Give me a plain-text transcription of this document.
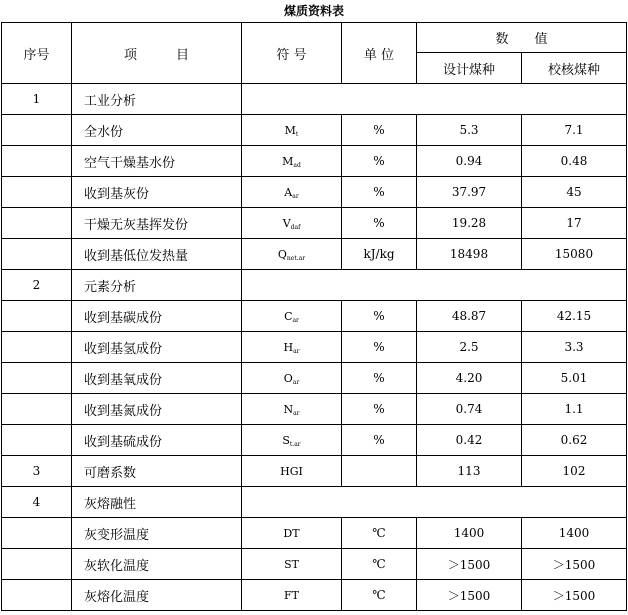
煤质资料表
序号	项　　　目	符 号	单 位	数　　值	
				设计煤种	校核煤种
1	工业分析				
	全水份	$M_t$	%	5.3	7.1
	空气干燥基水份	$M_{ad}$	%	0.94	0.48
	收到基灰份	$A_{ar}$	%	37.97	45
	干燥无灰基挥发份	$V_{daf}$	%	19.28	17
	收到基低位发热量	$Q_{net.ar}$	kJ/kg	18498	15080
2	元素分析				
	收到基碳成份	$C_{ar}$	%	48.87	42.15
	收到基氢成份	$H_{ar}$	%	2.5	3.3
	收到基氧成份	$O_{ar}$	%	4.20	5.01
	收到基氮成份	$N_{ar}$	%	0.74	1.1
	收到基硫成份	$S_{t.ar}$	%	0.42	0.62
3	可磨系数	HGI		113	102
4	灰熔融性				
	灰变形温度	DT	℃	1400	1400
	灰软化温度	ST	℃	＞1500	＞1500
	灰熔化温度	FT	℃	＞1500	＞1500
